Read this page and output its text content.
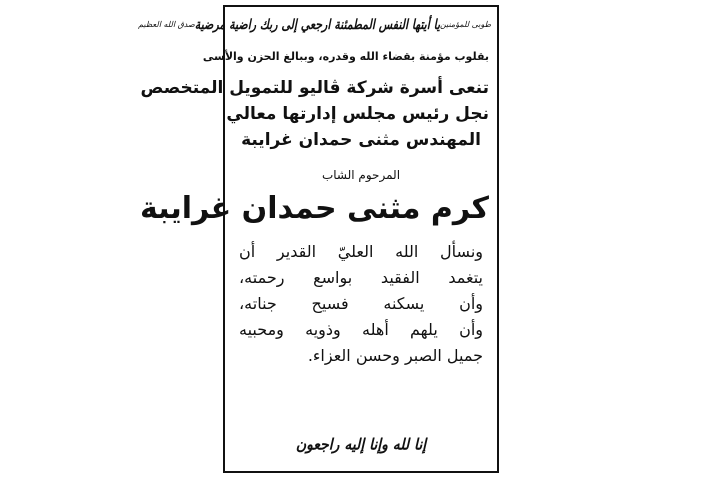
طوبى للمؤمنين
يا أيتها النفس المطمئنة ارجعي إلى ربك راضية مرضية
صدق الله العظيم
بقلوب مؤمنة بقضاء الله وقدره، وببالغ الحزن والأسى
تنعى أسرة شركة ڤاليو للتمويل المتخصص
نجل رئيس مجلس إدارتها معالي
المهندس مثنى حمدان غرايبة
المرحوم الشاب
كرم مثنى حمدان غرايبة
ونسأل الله العليّ القدير أن
يتغمد الفقيد بواسع رحمته،
وأن يسكنه فسيح جناته،
وأن يلهم أهله وذويه ومحبيه
جميل الصبر وحسن العزاء.
إنا لله وإنا إليه راجعون
